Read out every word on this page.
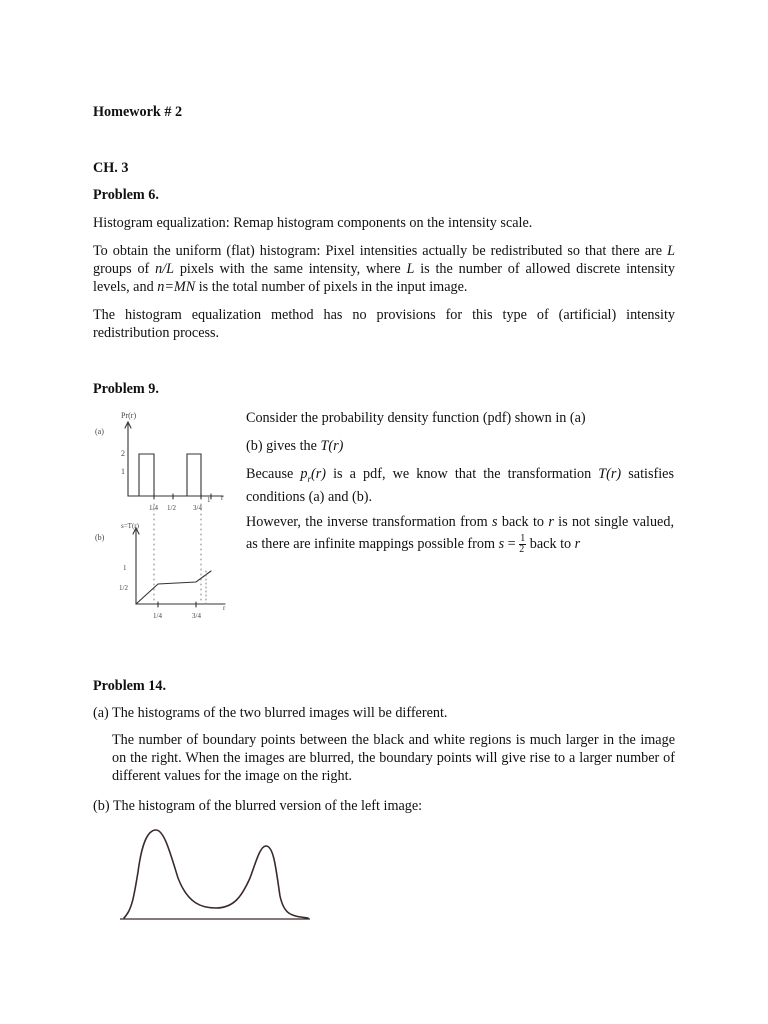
Homework # 2

CH. 3

Problem 6.

Histogram equalization: Remap histogram components on the intensity scale.

To obtain the uniform (flat) histogram: Pixel intensities actually be redistributed so that there are L groups of n/L pixels with the same intensity, where L is the number of allowed discrete intensity levels, and n=MN is the total number of pixels in the input image.

The histogram equalization method has no provisions for this type of (artificial) intensity redistribution process.

Problem 9.

(a)
Pr(r)
2
1
1/4 1/2 3/4
1 r
(b)
s=T(r)
1
1/2
1/4	3/4
r

Consider the probability density function (pdf) shown in (a)

(b) gives the T(r)

Because $p_r(r)$ is a pdf, we know that the transformation T(r) satisfies conditions (a) and (b).

However, the inverse transformation from s back to r is not single valued, as there are infinite mappings possible from $s = \frac{1}{2}$ back to r

Problem 14.

(a) The histograms of the two blurred images will be different.

The number of boundary points between the black and white regions is much larger in the image on the right. When the images are blurred, the boundary points will give rise to a larger number of different values for the image on the right.

(b) The histogram of the blurred version of the left image:
